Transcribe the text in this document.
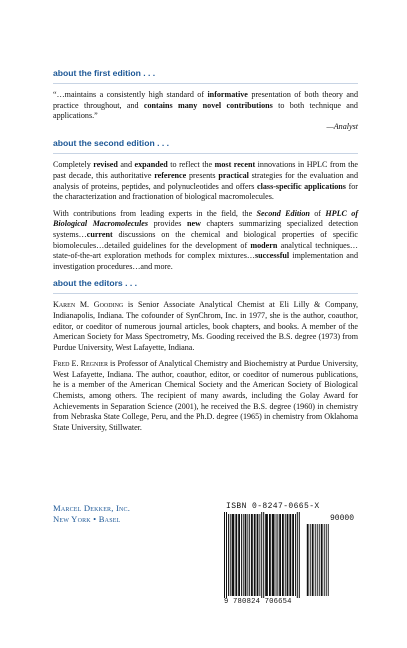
about the first edition . . .
“…maintains a consistently high standard of informative presentation of both theory and practice throughout, and contains many novel contributions to both technique and applications.”
—Analyst
about the second edition . . .
Completely revised and expanded to reflect the most recent innovations in HPLC from the past decade, this authoritative reference presents practical strategies for the evaluation and analysis of proteins, peptides, and polynucleotides and offers class-specific applications for the characterization and fractionation of biological macromolecules.
With contributions from leading experts in the field, the Second Edition of HPLC of Biological Macromolecules provides new chapters summarizing specialized detection systems…current discussions on the chemical and biological properties of specific biomolecules…detailed guidelines for the development of modern analytical techniques…state-of-the-art exploration methods for complex mixtures…successful implementation and investigation procedures…and more.
about the editors . . .
Karen M. Gooding is Senior Associate Analytical Chemist at Eli Lilly & Company, Indianapolis, Indiana. The cofounder of SynChrom, Inc. in 1977, she is the author, coauthor, editor, or coeditor of numerous journal articles, book chapters, and books. A member of the American Society for Mass Spectrometry, Ms. Gooding received the B.S. degree (1973) from Purdue University, West Lafayette, Indiana.
Fred E. Regnier is Professor of Analytical Chemistry and Biochemistry at Purdue University, West Lafayette, Indiana. The author, coauthor, editor, or coeditor of numerous publications, he is a member of the American Chemical Society and the American Society of Biological Chemists, among others. The recipient of many awards, including the Golay Award for Achievements in Separation Science (2001), he received the B.S. degree (1960) in chemistry from Nebraska State College, Peru, and the Ph.D. degree (1965) in chemistry from Oklahoma State University, Stillwater.
Marcel Dekker, Inc.
New York • Basel
ISBN 0-8247-0665-X
90000
9 780824 706654
